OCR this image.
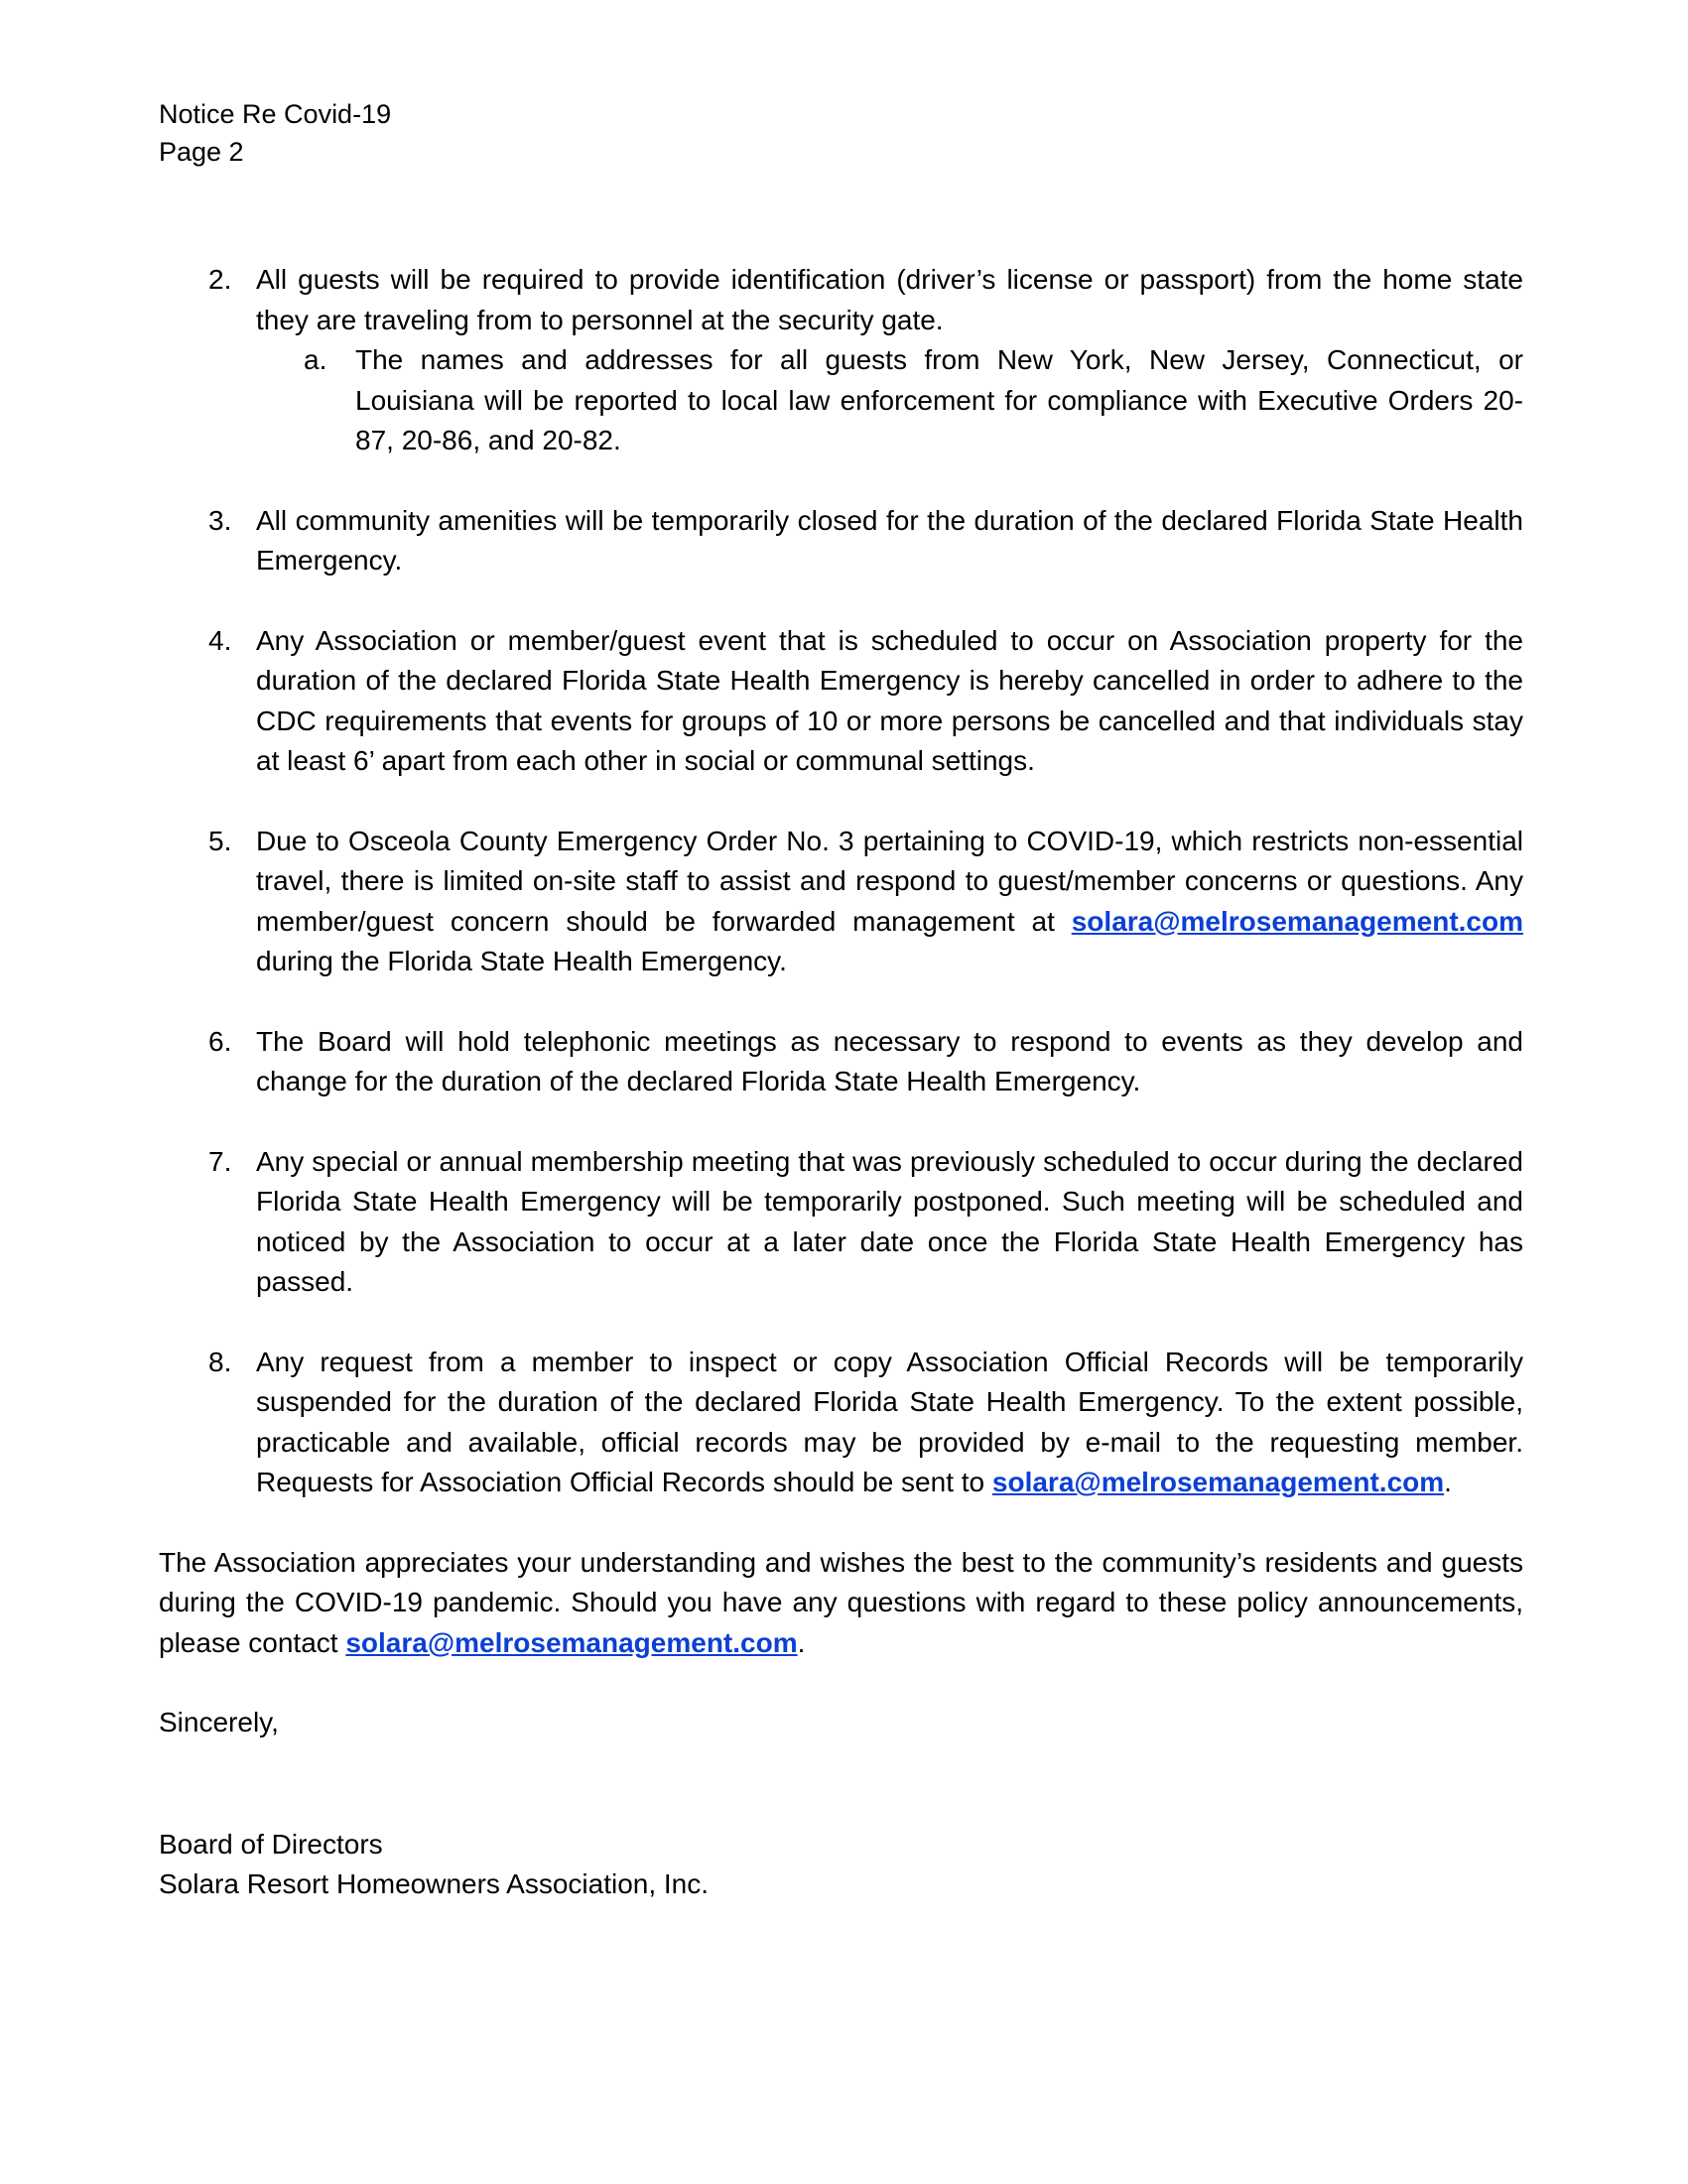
Notice Re Covid-19
Page 2
2. All guests will be required to provide identification (driver’s license or passport) from the home state they are traveling from to personnel at the security gate.
a. The names and addresses for all guests from New York, New Jersey, Connecticut, or Louisiana will be reported to local law enforcement for compliance with Executive Orders 20-87, 20-86, and 20-82.
3. All community amenities will be temporarily closed for the duration of the declared Florida State Health Emergency.
4. Any Association or member/guest event that is scheduled to occur on Association property for the duration of the declared Florida State Health Emergency is hereby cancelled in order to adhere to the CDC requirements that events for groups of 10 or more persons be cancelled and that individuals stay at least 6’ apart from each other in social or communal settings.
5. Due to Osceola County Emergency Order No. 3 pertaining to COVID-19, which restricts non-essential travel, there is limited on-site staff to assist and respond to guest/member concerns or questions. Any member/guest concern should be forwarded management at solara@melrosemanagement.com during the Florida State Health Emergency.
6. The Board will hold telephonic meetings as necessary to respond to events as they develop and change for the duration of the declared Florida State Health Emergency.
7. Any special or annual membership meeting that was previously scheduled to occur during the declared Florida State Health Emergency will be temporarily postponed. Such meeting will be scheduled and noticed by the Association to occur at a later date once the Florida State Health Emergency has passed.
8. Any request from a member to inspect or copy Association Official Records will be temporarily suspended for the duration of the declared Florida State Health Emergency. To the extent possible, practicable and available, official records may be provided by e-mail to the requesting member. Requests for Association Official Records should be sent to solara@melrosemanagement.com.
The Association appreciates your understanding and wishes the best to the community’s residents and guests during the COVID-19 pandemic. Should you have any questions with regard to these policy announcements, please contact solara@melrosemanagement.com.
Sincerely,
Board of Directors
Solara Resort Homeowners Association, Inc.
